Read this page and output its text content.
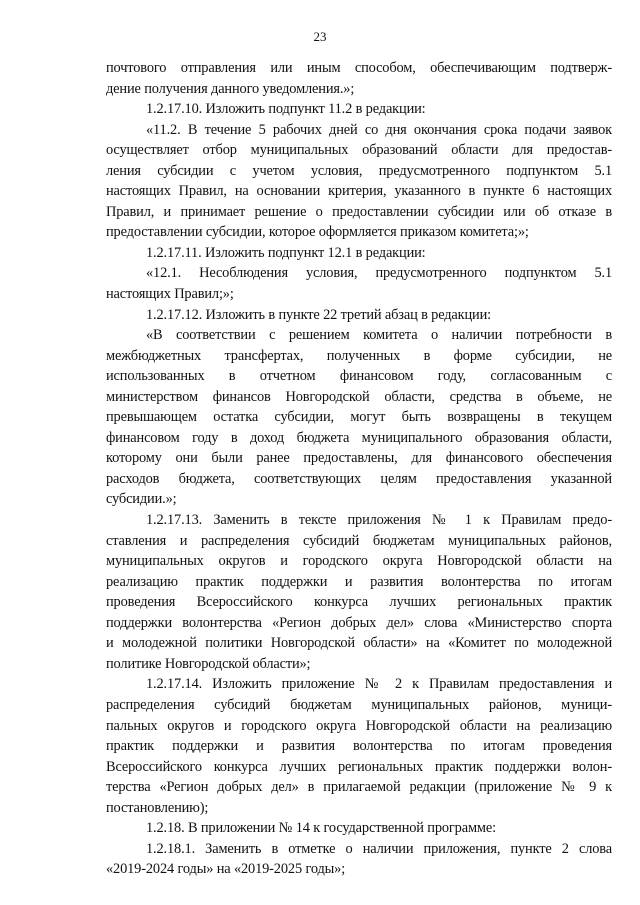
23
почтового отправления или иным способом, обеспечивающим подтверж-
дение получения данного уведомления.»;
1.2.17.10. Изложить подпункт 11.2 в редакции:
«11.2. В течение 5 рабочих дней со дня окончания срока подачи заявок
осуществляет отбор муниципальных образований области для предостав-
ления субсидии с учетом условия, предусмотренного подпунктом 5.1
настоящих Правил, на основании критерия, указанного в пункте 6 настоящих
Правил, и принимает решение о предоставлении субсидии или об отказе в
предоставлении субсидии, которое оформляется приказом комитета;»;
1.2.17.11. Изложить подпункт 12.1 в редакции:
«12.1. Несоблюдения условия, предусмотренного подпунктом 5.1
настоящих Правил;»;
1.2.17.12. Изложить в пункте 22 третий абзац в редакции:
«В соответствии с решением комитета о наличии потребности в
межбюджетных трансфертах, полученных в форме субсидии, не
использованных в отчетном финансовом году, согласованным с
министерством финансов Новгородской области, средства в объеме, не
превышающем остатка субсидии, могут быть возвращены в текущем
финансовом году в доход бюджета муниципального образования области,
которому они были ранее предоставлены, для финансового обеспечения
расходов бюджета, соответствующих целям предоставления указанной
субсидии.»;
1.2.17.13. Заменить в тексте приложения № 1 к Правилам предо-
ставления и распределения субсидий бюджетам муниципальных районов,
муниципальных округов и городского округа Новгородской области на
реализацию практик поддержки и развития волонтерства по итогам
проведения Всероссийского конкурса лучших региональных практик
поддержки волонтерства «Регион добрых дел» слова «Министерство спорта
и молодежной политики Новгородской области» на «Комитет по молодежной
политике Новгородской области»;
1.2.17.14. Изложить приложение № 2 к Правилам предоставления и
распределения субсидий бюджетам муниципальных районов, муници-
пальных округов и городского округа Новгородской области на реализацию
практик поддержки и развития волонтерства по итогам проведения
Всероссийского конкурса лучших региональных практик поддержки волон-
терства «Регион добрых дел» в прилагаемой редакции (приложение № 9 к
постановлению);
1.2.18. В приложении № 14 к государственной программе:
1.2.18.1. Заменить в отметке о наличии приложения, пункте 2 слова
«2019-2024 годы» на «2019-2025 годы»;
